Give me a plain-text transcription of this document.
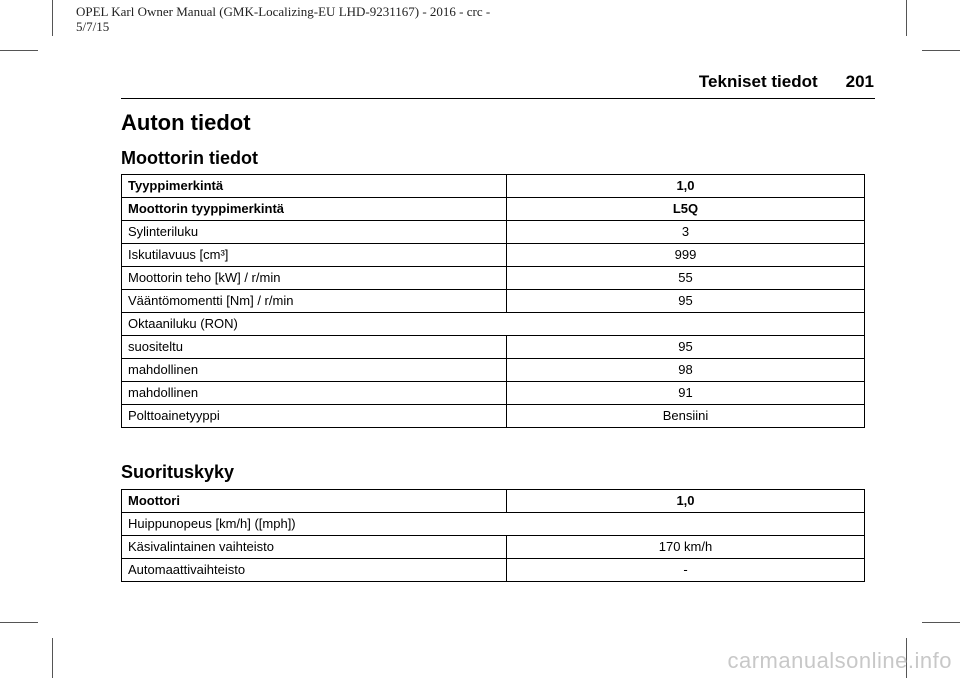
OPEL Karl Owner Manual (GMK-Localizing-EU LHD-9231167) - 2016 - crc - 5/7/15
Tekniset tiedot 201
Auton tiedot
Moottorin tiedot
Tyyppimerkintä	1,0
Moottorin tyyppimerkintä	L5Q
Sylinteriluku	3
Iskutilavuus [cm³]	999
Moottorin teho [kW] / r/min	55
Vääntömomentti [Nm] / r/min	95
Oktaaniluku (RON)	
suositeltu	95
mahdollinen	98
mahdollinen	91
Polttoainetyyppi	Bensiini
Suorituskyky
Moottori	1,0
Huippunopeus [km/h] ([mph])	
Käsivalintainen vaihteisto	170 km/h
Automaattivaihteisto	-
carmanualsonline.info
